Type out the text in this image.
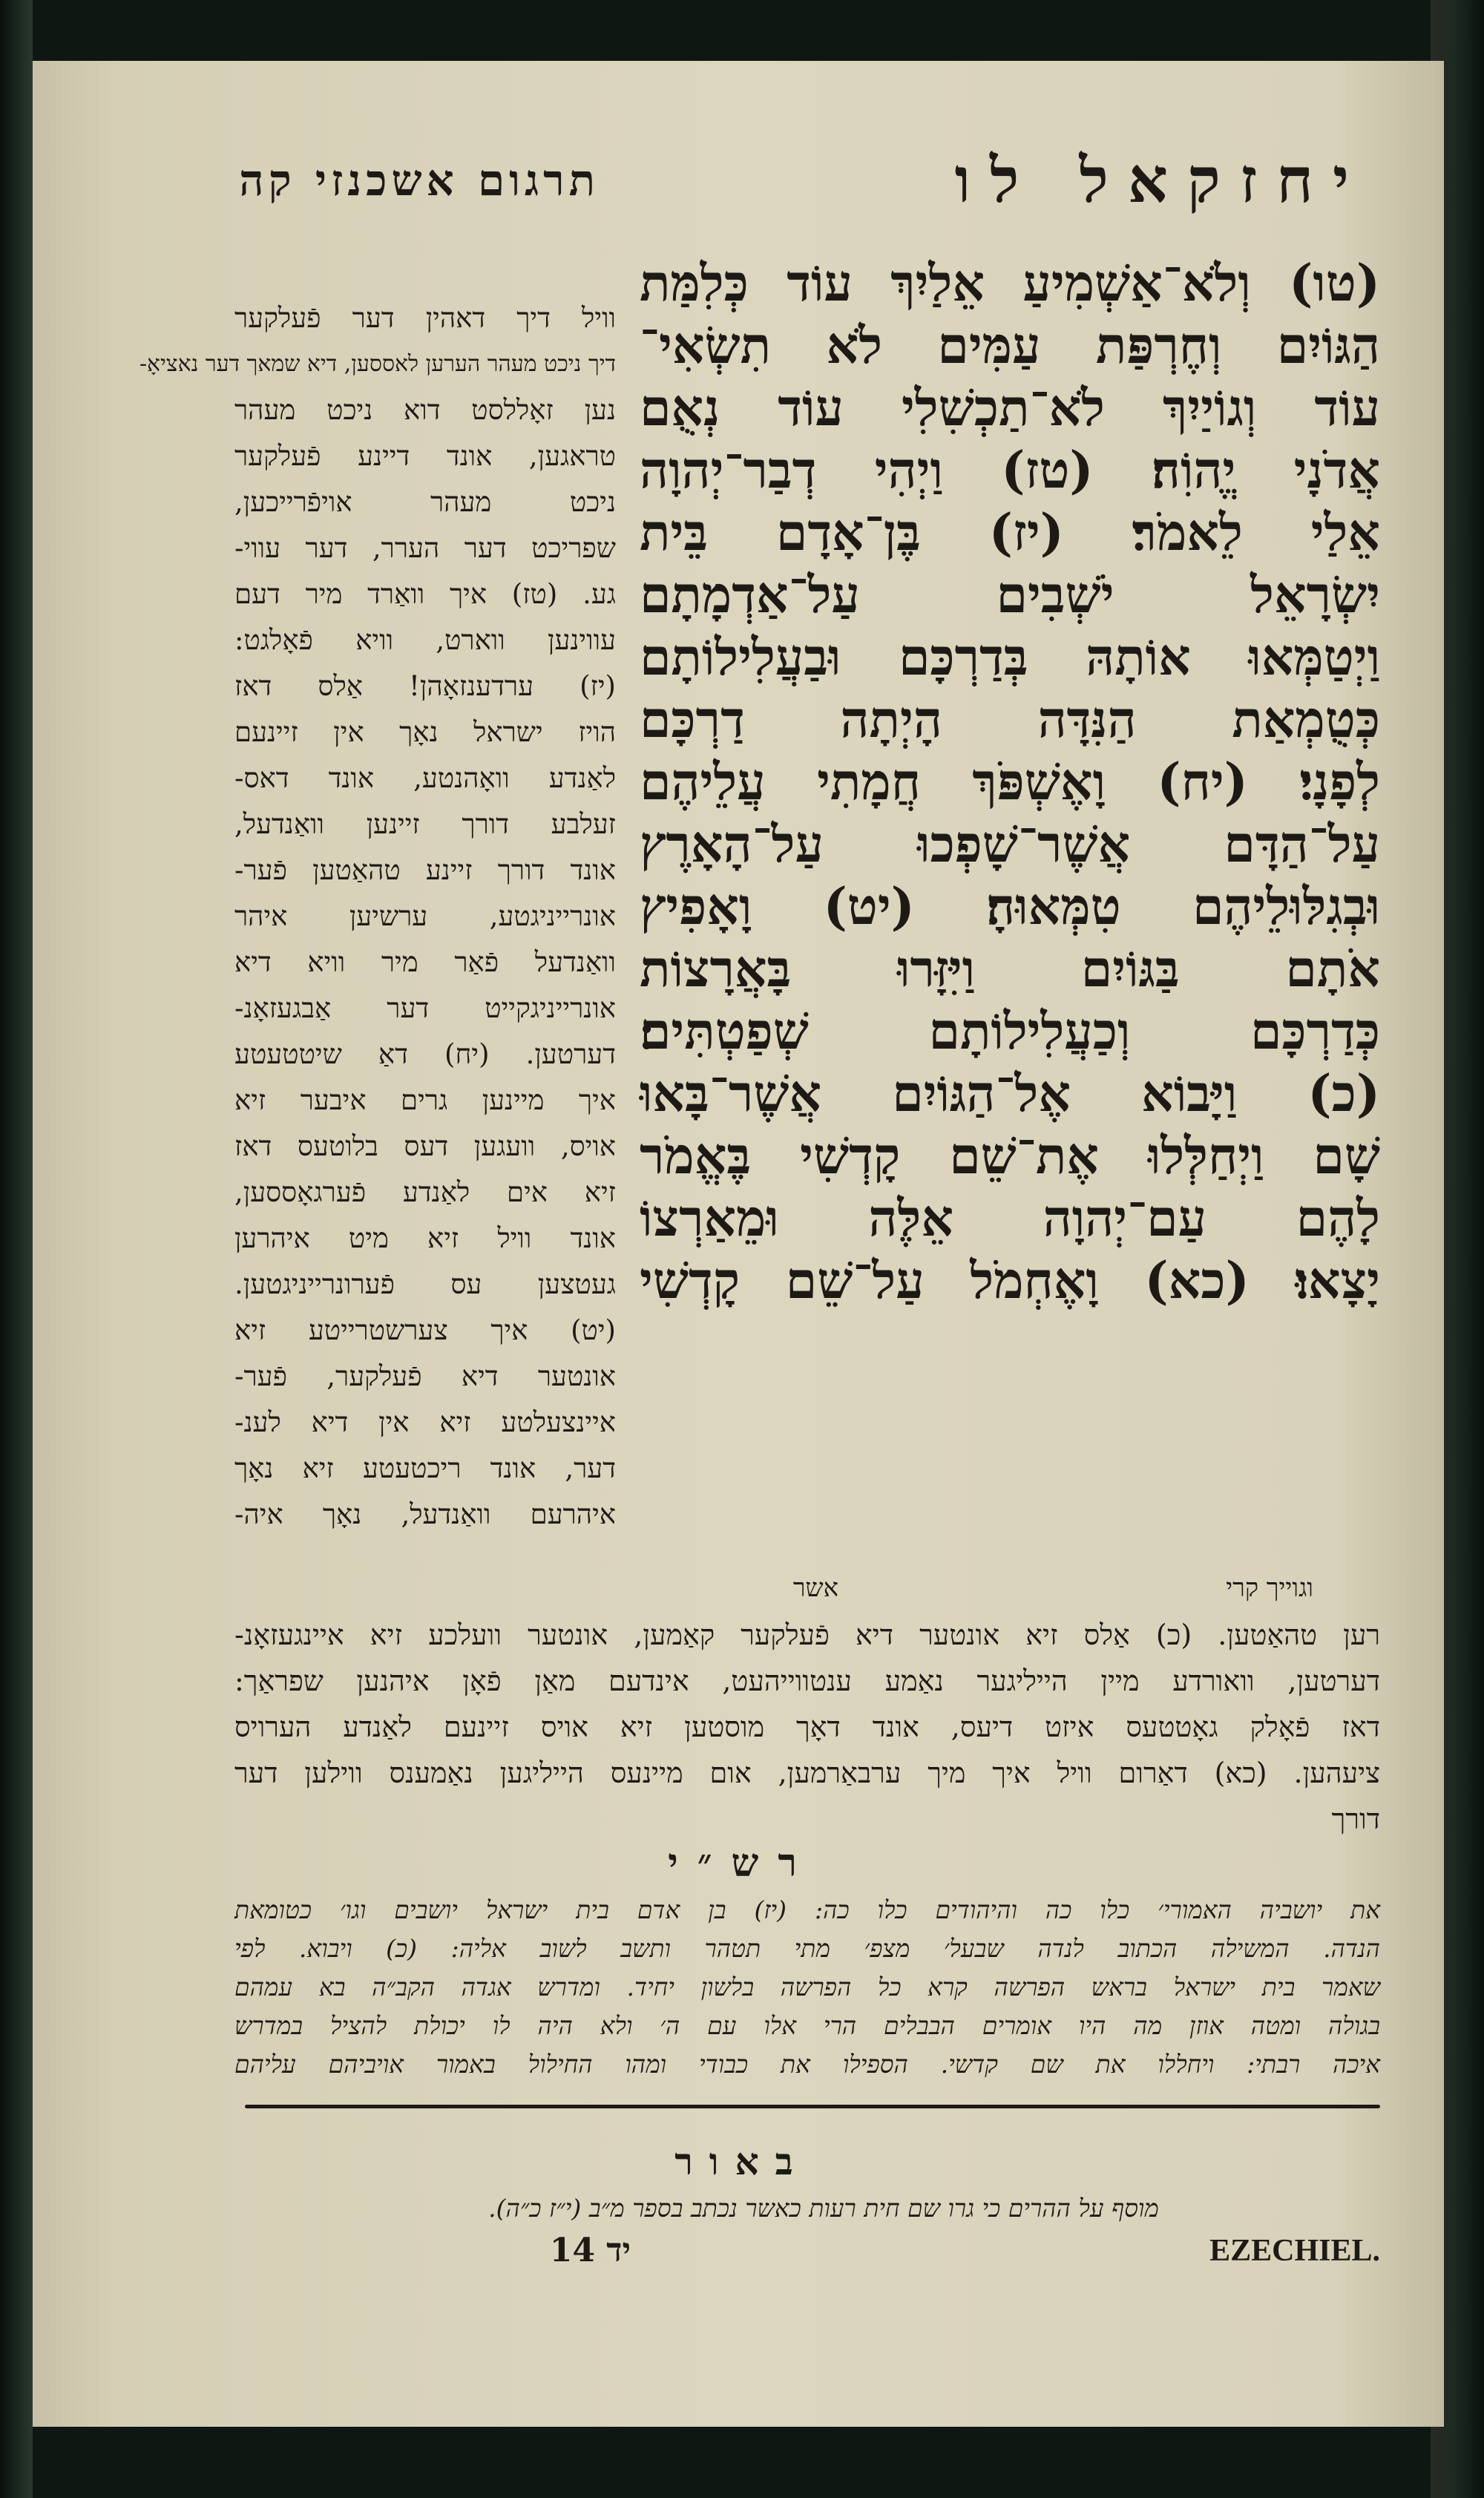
יחזקאל לו
תרגום אשכנזי קה
(טו) וְלֹא־אַשְׁמִיעַ אֵלַיִךְ עוֹד כְּלִמַּת
הַגּוֹיִם וְחֶרְפַּת עַמִּים לֹא תִשְׂאִי־
עוֹד וְגוֹיַיִךְ לֹא־תַכְשִׁלִי עוֹד נְאֻם
אֲדֹנָי יֱהוִֹה׃ (טז) וַיְהִי דְבַר־יְהוָה
אֵלַי לֵאמֹר׃ (יז) בֶּן־אָדָם בֵּית
יִשְׂרָאֵל יֹשְׁבִים עַל־אַדְמָתָם
וַיְטַמְּאוּ אוֹתָהּ בְּדַרְכָּם וּבַעֲלִילוֹתָם
כְּטֻמְאַת הַנִּדָּה הָיְתָה דַרְכָּם
לְפָנָי׃ (יח) וָאֶשְׁפֹּךְ חֲמָתִי עֲלֵיהֶם
עַל־הַדָּם אֲשֶׁר־שָׁפְכוּ עַל־הָאָרֶץ
וּבְגִלּוּלֵיהֶם טִמְּאוּהָ׃ (יט) וָאָפִיץ
אֹתָם בַּגּוֹיִם וַיִּזָּרוּ בָּאֲרָצוֹת
כְּדַרְכָּם וְכַעֲלִילוֹתָם שְׁפַטְתִּים׃
(כ) וַיָּבוֹא אֶל־הַגּוֹיִם אֲשֶׁר־בָּאוּ
שָׁם וַיְחַלְּלוּ אֶת־שֵׁם קָדְשִׁי בֶּאֱמֹר
לָהֶם עַם־יְהוָה אֵלֶּה וּמֵאַרְצוֹ
יָצָאוּ׃ (כא) וָאֶחְמֹל עַל־שֵׁם קָדְשִׁי
וויל דיך דאהין דער פֿעלקער
דיך ניכט מעהר הערען לאססען, דיא שמאך דער נאציאָ-
נען זאָללסט דוא ניכט מעהר
טראגען, אונד דיינע פֿעלקער
ניכט מעהר אויפֿרייכען,
שפריכט דער הערר, דער עווי-
גע. (טז) איך וואַרד מיר דעם
עווינען ווארט, וויא פֿאָלגט:
(יז) ערדענזאָהן! אַלס דאז
הויז ישראל נאָך אין זיינעם
לאַנדע וואָהנטע, אונד דאס-
זעלבע דורך זיינען וואַנדעל,
אונד דורך זיינע טהאַטען פֿער-
אונרייניגטע, ערשיען איהר
וואַנדעל פֿאַר מיר וויא דיא
אונרייניגקייט דער אַבגעזאָנ-
דערטען. (יח) דאַ שיטטעטע
איך מיינען גרים איבער זיא
אויס, וועגען דעס בלוטעס דאז
זיא אים לאַנדע פֿערגאָססען,
אונד וויל זיא מיט איהרען
געטצען עס פֿערונרייניגטען.
(יט) איך צערשטרייטע זיא
אונטער דיא פֿעלקער, פֿער-
איינצעלטע זיא אין דיא לענ-
דער, אונד ריכטעטע זיא נאָך
איהרעם וואַנדעל, נאָך איה-
וגוייך קרי
אשר
רען טהאַטען. (כ) אַלס זיא אונטער דיא פֿעלקער קאַמען, אונטער וועלכע זיא איינגעזאָנ-
דערטען, וואורדע מיין הייליגער נאַמע ענטווייהעט, אינדעם מאַן פֿאָן איהנען שפראַך:
דאז פֿאָלק גאָטטעס איזט דיעס, אונד דאָך מוסטען זיא אויס זיינעם לאַנדע הערויס
ציעהען. (כא) דאַרום וויל איך מיך ערבאַרמען, אום מיינעס הייליגען נאַמענס ווילען דער
דורך
רש״י
את יושביה האמורי׳ כלו כה והיהודים כלו כה: (יז) בן אדם בית ישראל יושבים וגו׳ כטומאת
הנדה. המשילה הכתוב לנדה שבעל׳ מצפ׳ מתי תטהר ותשב לשוב אליה: (כ) ויבוא. לפי
שאמר בית ישראל בראש הפרשה קרא כל הפרשה בלשון יחיד. ומדרש אגדה הקב״ה בא עמהם
בגולה ומטה אוזן מה היו אומרים הבבלים הרי אלו עם ה׳ ולא היה לו יכולת להציל במדרש
איכה רבתי: ויחללו את שם קדשי. הספילו את כבודי ומהו החילול באמור אויביהם עליהם
באור
מוסף על ההרים כי גרו שם חית רעות כאשר נכתב בספר מ״ב (י״ז כ״ה).
יד 14	EZECHIEL.
